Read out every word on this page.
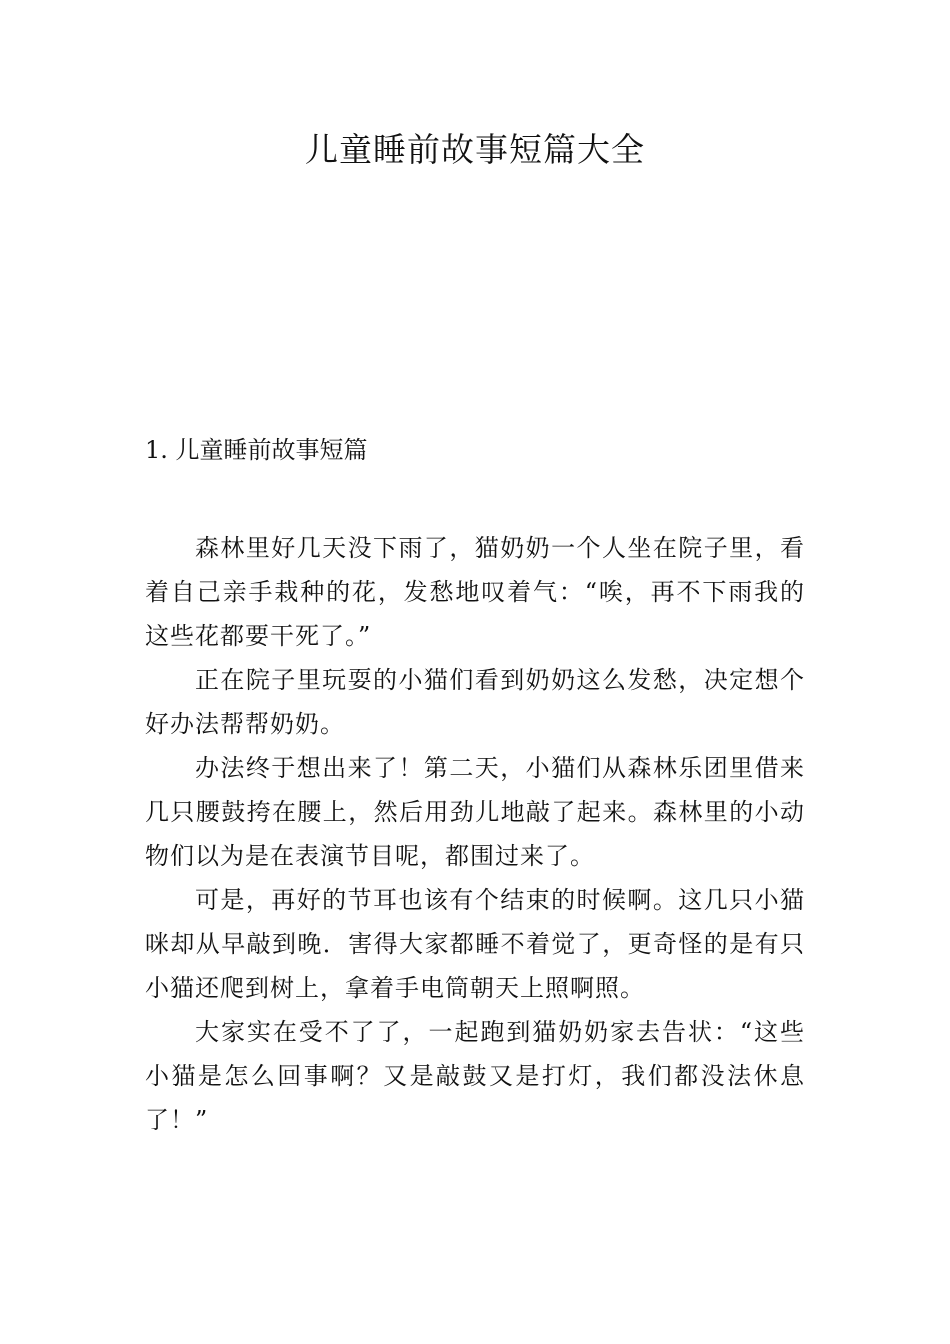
儿童睡前故事短篇大全
1. 儿童睡前故事短篇

森林里好几天没下雨了，猫奶奶一个人坐在院子里，看着自己亲手栽种的花，发愁地叹着气：“唉，再不下雨我的这些花都要干死了。”

正在院子里玩耍的小猫们看到奶奶这么发愁，决定想个好办法帮帮奶奶。

办法终于想出来了！第二天，小猫们从森林乐团里借来几只腰鼓挎在腰上，然后用劲儿地敲了起来。森林里的小动物们以为是在表演节目呢，都围过来了。

可是，再好的节耳也该有个结束的时候啊。这几只小猫咪却从早敲到晚．害得大家都睡不着觉了，更奇怪的是有只小猫还爬到树上，拿着手电筒朝天上照啊照。

大家实在受不了了，一起跑到猫奶奶家去告状：“这些小猫是怎么回事啊？又是敲鼓又是打灯，我们都没法休息了！”
